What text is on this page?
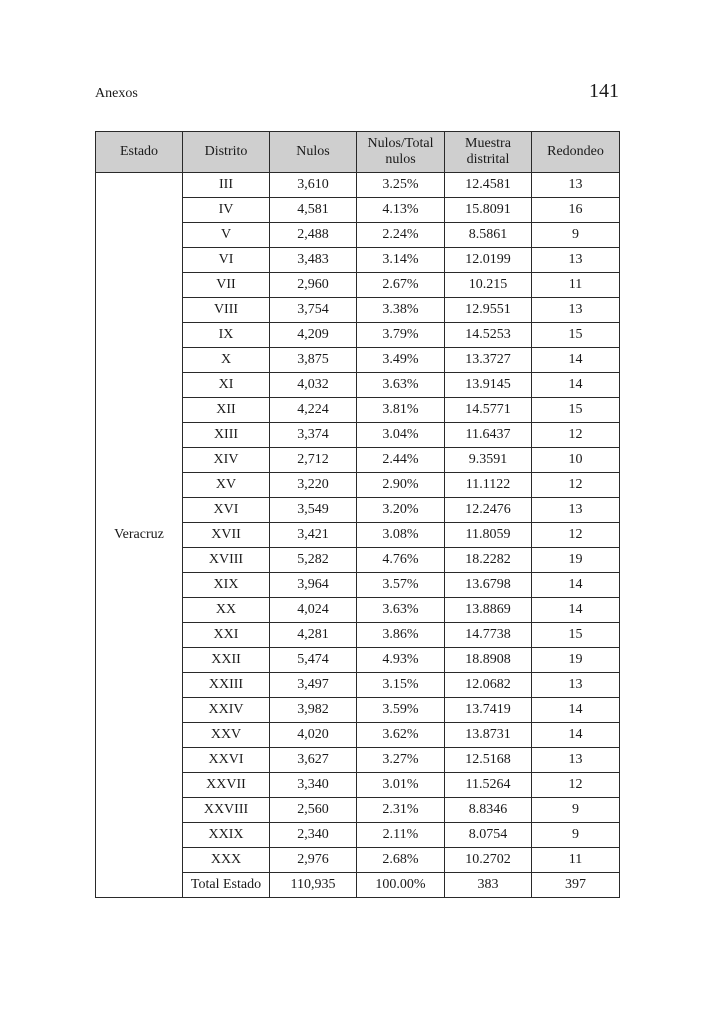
Anexos	141
Estado	Distrito	Nulos	Nulos/Total nulos	Muestra distrital	Redondeo
Veracruz	III	3,610	3.25%	12.4581	13
	IV	4,581	4.13%	15.8091	16
	V	2,488	2.24%	8.5861	9
	VI	3,483	3.14%	12.0199	13
	VII	2,960	2.67%	10.215	11
	VIII	3,754	3.38%	12.9551	13
	IX	4,209	3.79%	14.5253	15
	X	3,875	3.49%	13.3727	14
	XI	4,032	3.63%	13.9145	14
	XII	4,224	3.81%	14.5771	15
	XIII	3,374	3.04%	11.6437	12
	XIV	2,712	2.44%	9.3591	10
	XV	3,220	2.90%	11.1122	12
	XVI	3,549	3.20%	12.2476	13
	XVII	3,421	3.08%	11.8059	12
	XVIII	5,282	4.76%	18.2282	19
	XIX	3,964	3.57%	13.6798	14
	XX	4,024	3.63%	13.8869	14
	XXI	4,281	3.86%	14.7738	15
	XXII	5,474	4.93%	18.8908	19
	XXIII	3,497	3.15%	12.0682	13
	XXIV	3,982	3.59%	13.7419	14
	XXV	4,020	3.62%	13.8731	14
	XXVI	3,627	3.27%	12.5168	13
	XXVII	3,340	3.01%	11.5264	12
	XXVIII	2,560	2.31%	8.8346	9
	XXIX	2,340	2.11%	8.0754	9
	XXX	2,976	2.68%	10.2702	11
	Total Estado	110,935	100.00%	383	397
